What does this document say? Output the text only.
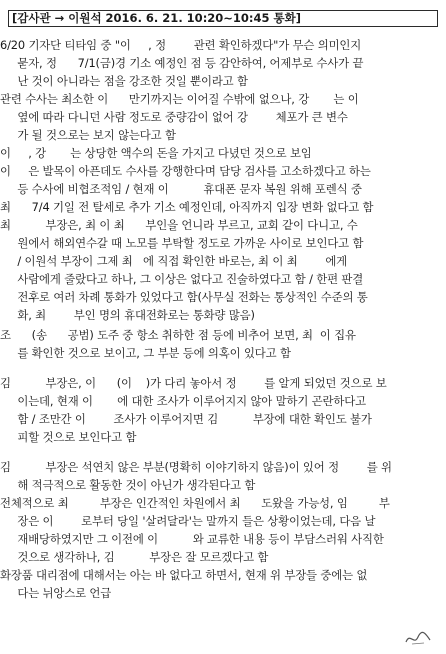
[감사관 → 이원석 2016. 6. 21. 10:20~10:45 통화]
6/20 기자단 티타임 중 "이     , 정        관련 확인하겠다"가 무슨 의미인지
묻자, 정      7/1(금)경 기소 예정인 점 등 감안하여, 어제부로 수사가 끝
난 것이 아니라는 점을 강조한 것일 뿐이라고 함
관련 수사는 최소한 이      만기까지는 이어질 수밖에 없으나, 강       는 이
옆에 따라 다니던 사람 정도로 중량감이 없어 강        체포가 큰 변수
가 될 것으로는 보지 않는다고 함
이     , 강       는 상당한 액수의 돈을 가지고 다녔던 것으로 보임
이     은 발목이 아픈데도 수사를 강행한다며 담당 검사를 고소하겠다고 하는
등 수사에 비협조적임 / 현재 이          휴대폰 문자 복원 위해 포렌식 중
최      7/4 기일 전 탈세로 추가 기소 예정인데, 아직까지 입장 변화 없다고 함
최          부장은, 최 이 최      부인을 언니라 부르고, 교회 같이 다니고, 수
원에서 해외연수갈 때 노모를 부탁할 정도로 가까운 사이로 보인다고 함
/ 이원석 부장이 그제 최   에 직접 확인한 바로는, 최 이 최        에게
사람에게 줄랐다고 하나, 그 이상은 없다고 진술하였다고 함 / 한편 판결
전후로 여러 차례 통화가 있었다고 함(사무실 전화는 통상적인 수준의 통
화, 최        부인 명의 휴대전화로는 통화량 많음)
조      (송      공범) 도주 중 항소 취하한 점 등에 비추어 보면, 최  이 집유
를 확인한 것으로 보이고, 그 부분 등에 의혹이 있다고 함
김          부장은, 이      (이    )가 다리 놓아서 정        를 알게 되었던 것으로 보
이는데, 현재 이       에 대한 조사가 이루어지지 않아 말하기 곤란하다고
함 / 조만간 이        조사가 이루어지면 김          부장에 대한 확인도 불가
피할 것으로 보인다고 함
김          부장은 석연치 않은 부분(명확히 이야기하지 않음)이 있어 정        를 위
해 적극적으로 활동한 것이 아닌가 생각된다고 함
전체적으로 최         부장은 인간적인 차원에서 최      도왔을 가능성, 임         부
장은 이        로부터 당일 '살려달라'는 말까지 들은 상황이었는데, 다음 날
재배당하였지만 그 이전에 이          와 교류한 내용 등이 부담스러워 사직한
것으로 생각하나, 김          부장은 잘 모르겠다고 함
화장품 대리점에 대해서는 아는 바 없다고 하면서, 현재 위 부장들 중에는 없
다는 뉘앙스로 언급
